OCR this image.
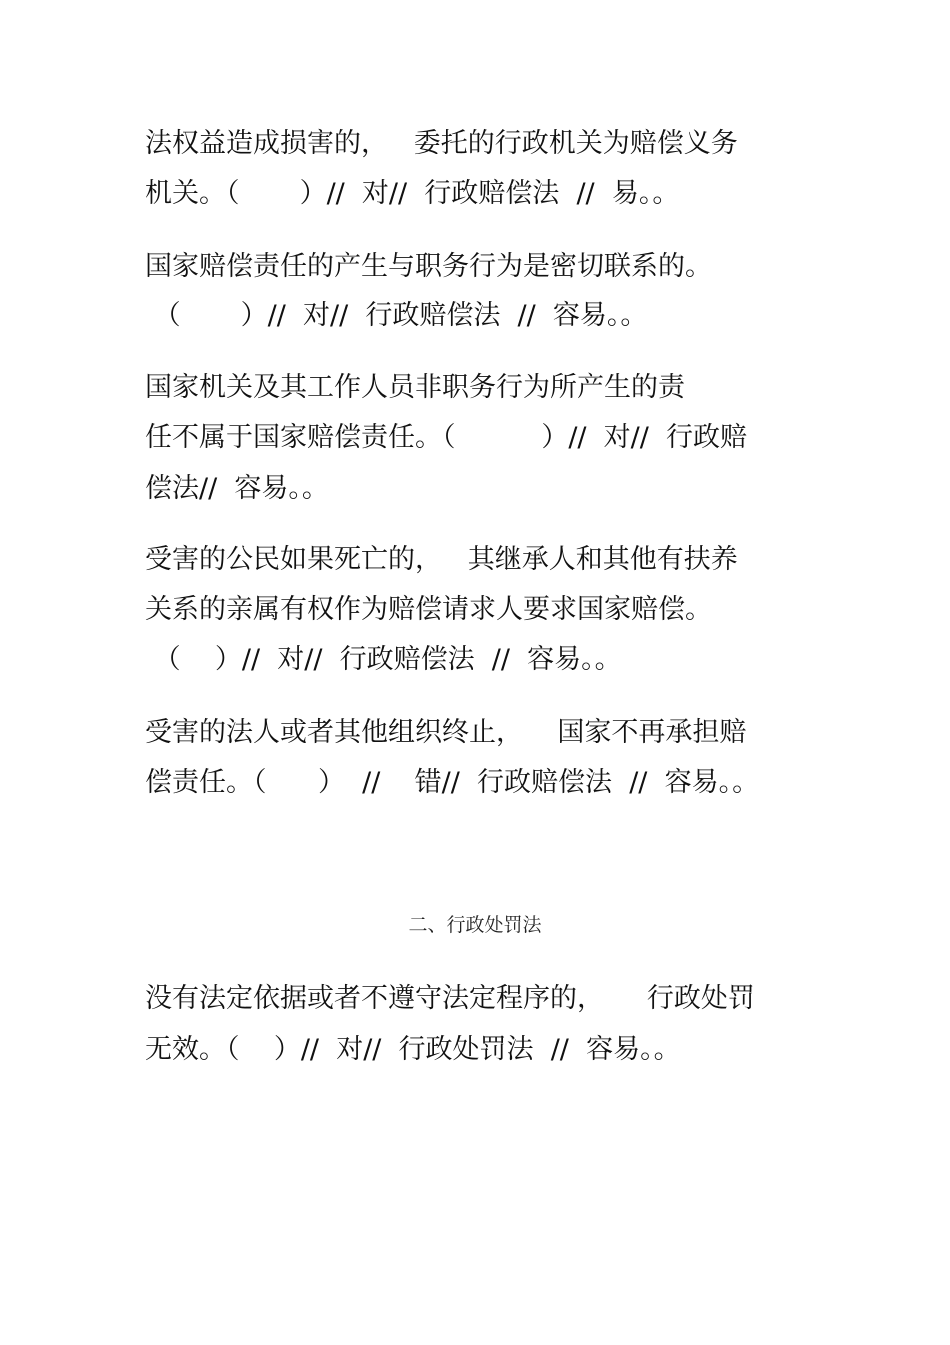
法权益造成损害的，   委托的行政机关为赔偿义务
机关。（       ）//  对//  行政赔偿法  //  易。。
国家赔偿责任的产生与职务行为是密切联系的。
（       ）//  对//  行政赔偿法  //  容易。。
国家机关及其工作人员非职务行为所产生的责
任不属于国家赔偿责任。（          ）//  对//  行政赔
偿法//  容易。。
受害的公民如果死亡的，   其继承人和其他有扶养
关系的亲属有权作为赔偿请求人要求国家赔偿。
（    ）//  对//  行政赔偿法  //  容易。。
受害的法人或者其他组织终止，    国家不再承担赔
偿责任。（      ）  //    错//  行政赔偿法  //  容易。。
二、行政处罚法
没有法定依据或者不遵守法定程序的，     行政处罚
无效。（    ）//  对//  行政处罚法  //  容易。。
